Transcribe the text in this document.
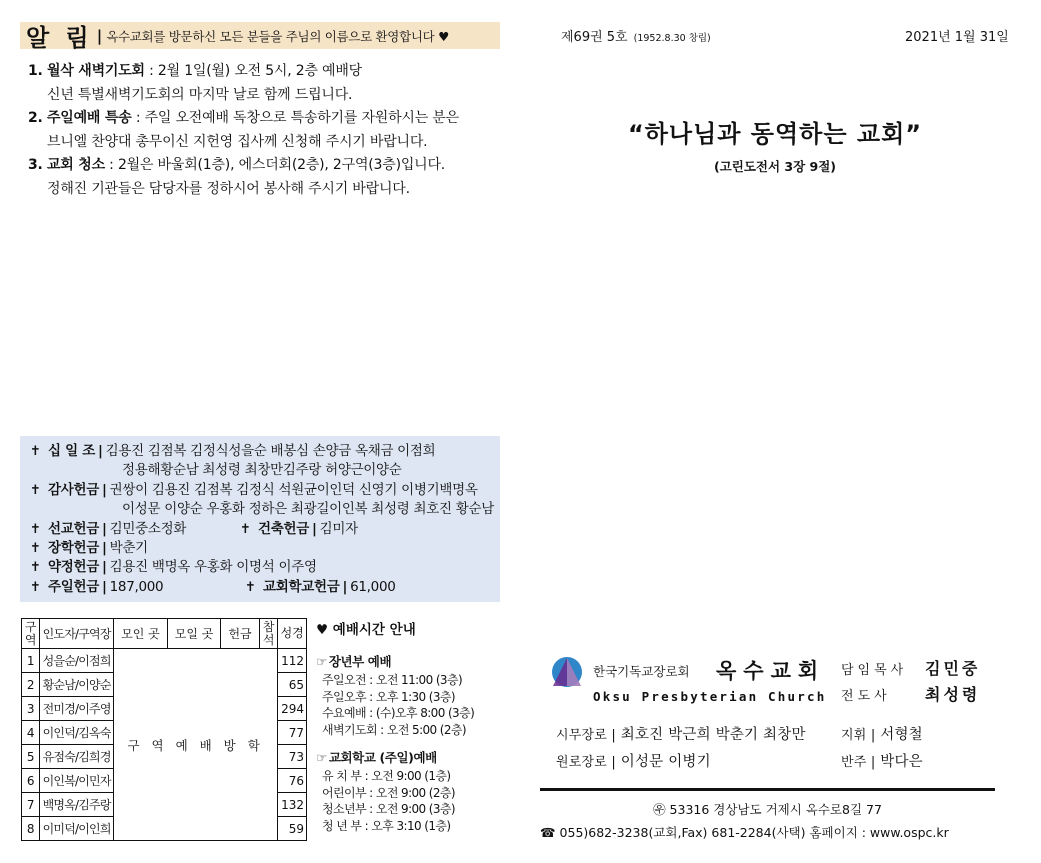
알 림 | 옥수교회를 방문하신 모든 분들을 주님의 이름으로 환영합니다 ♥
1. 월삭 새벽기도회 : 2월 1일(월) 오전 5시, 2층 예배당
신년 특별새벽기도회의 마지막 날로 함께 드립니다.
2. 주일예배 특송 : 주일 오전예배 독창으로 특송하기를 자원하시는 분은
브니엘 찬양대 총무이신 지헌영 집사께 신청해 주시기 바랍니다.
3. 교회 청소 : 2월은 바울회(1층), 에스더회(2층), 2구역(3층)입니다.
정해진 기관들은 담당자를 정하시어 봉사해 주시기 바랍니다.
✝ 십 일 조 | 김용진 김점복 김정식성을순 배봉심 손양금 옥채금 이점희
정용해황순남 최성령 최창만김주랑 허양근이양순
✝ 감사헌금 | 권쌍이 김용진 김점복 김정식 석원균이인덕 신영기 이병기백명옥
이성문 이양순 우홍화 정하은 최광길이인복 최성령 최호진 황순남
✝ 선교헌금 | 김민중소정화	✝ 건축헌금 | 김미자
✝ 장학헌금 | 박춘기
✝ 약정헌금 | 김용진 백명옥 우홍화 이명석 이주영
✝ 주일헌금 | 187,000	✝ 교회학교헌금 | 61,000
구역	인도자/구역장	모인 곳	모일 곳	헌금	참석	성경
1	성을순/이점희	구 역 예 배 방 학				112
2	황순남/이양순					65
3	전미경/이주영					294
4	이인덕/김옥숙					77
5	유점숙/김희경					73
6	이인복/이민자					76
7	백명옥/김주랑					132
8	이미덕/이인희					59
♥ 예배시간 안내
☞ 장년부 예배
주일오전 : 오전 11:00 (3층)
주일오후 : 오후 1:30 (3층)
수요예배 : (수)오후 8:00 (3층)
새벽기도회 : 오전 5:00 (2층)
☞ 교회학교 (주일)예배
유 치 부 : 오전 9:00 (1층)
어린이부 : 오전 9:00 (2층)
청소년부 : 오전 9:00 (3층)
청 년 부 : 오후 3:10 (1층)
제69권 5호 (1952.8.30 창립)	2021년 1월 31일
“하나님과 동역하는 교회”
(고린도전서 3장 9절)
한국기독교장로회 옥수교회
Oksu Presbyterian Church
담임목사 김민중
전도사 최성령
시무장로 | 최호진 박근희 박춘기 최창만	지휘 | 서형철
원로장로 | 이성문 이병기	반주 | 박다은
㉾ 53316 경상남도 거제시 옥수로8길 77
☎ 055)682-3238(교회,Fax) 681-2284(사택) 홈페이지 : www.ospc.kr
